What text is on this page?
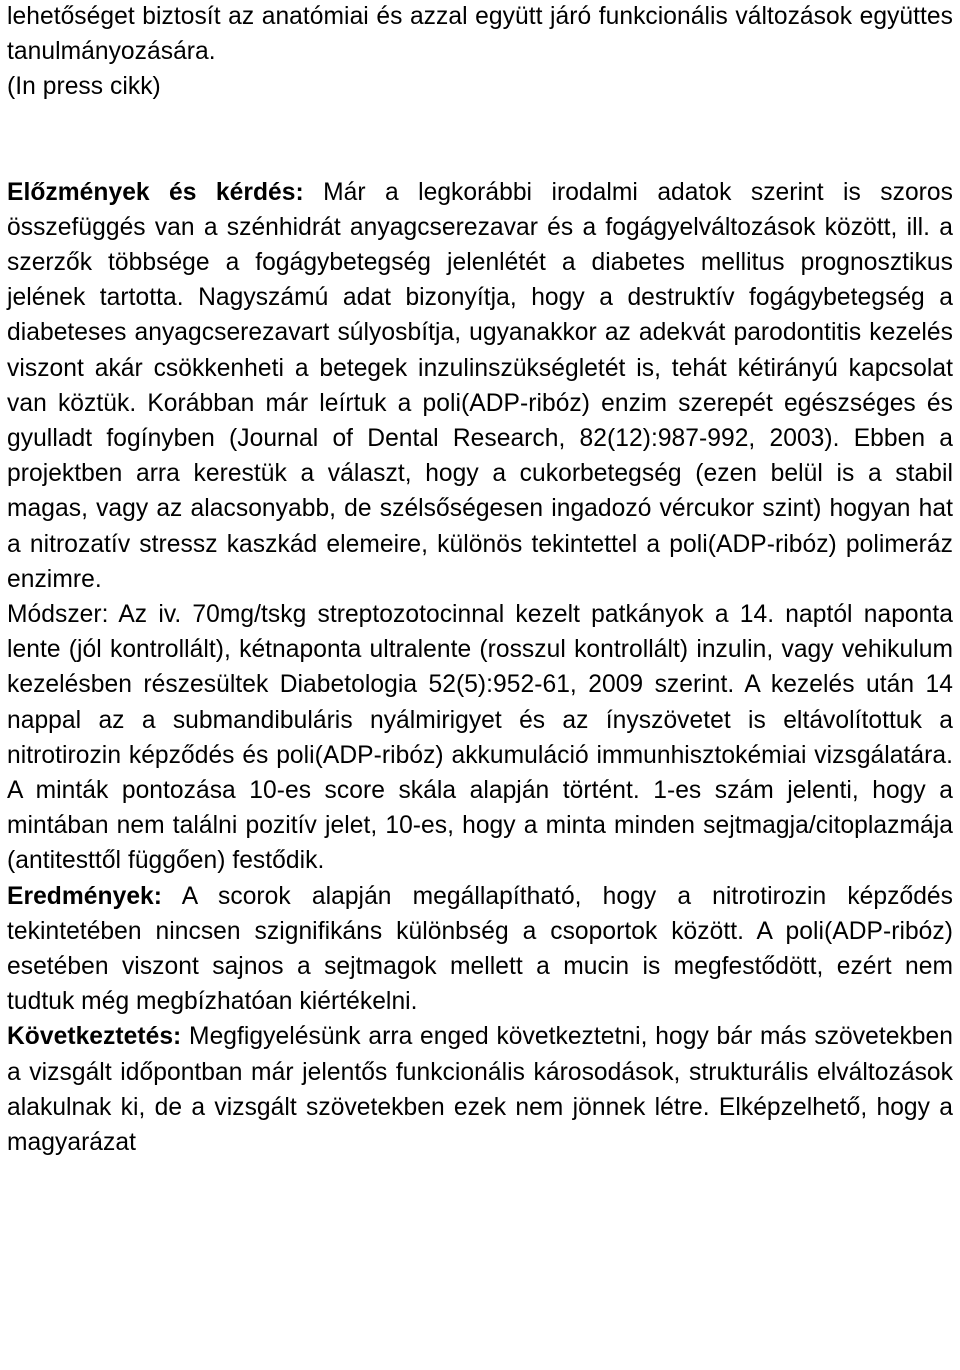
lehetőséget biztosít az anatómiai és azzal együtt járó funkcionális változások együttes tanulmányozására.
(In press cikk)

Előzmények és kérdés: Már a legkorábbi irodalmi adatok szerint is szoros összefüggés van a szénhidrát anyagcserezavar és a fogágyelváltozások között, ill. a szerzők többsége a fogágybetegség jelenlétét a diabetes mellitus prognosztikus jelének tartotta. Nagyszámú adat bizonyítja, hogy a destruktív fogágybetegség a diabeteses anyagcserezavart súlyosbítja, ugyanakkor az adekvát parodontitis kezelés viszont akár csökkenheti a betegek inzulinszükségletét is, tehát kétirányú kapcsolat van köztük. Korábban már leírtuk a poli(ADP-ribóz) enzim szerepét egészséges és gyulladt fogínyben (Journal of Dental Research, 82(12):987-992, 2003). Ebben a projektben arra kerestük a választ, hogy a cukorbetegség (ezen belül is a stabil magas, vagy az alacsonyabb, de szélsőségesen ingadozó vércukor szint) hogyan hat a nitrozatív stressz kaszkád elemeire, különös tekintettel a poli(ADP-ribóz) polimeráz enzimre.

Módszer: Az iv. 70mg/tskg streptozotocinnal kezelt patkányok a 14. naptól naponta lente (jól kontrollált), kétnaponta ultralente (rosszul kontrollált) inzulin, vagy vehikulum kezelésben részesültek Diabetologia 52(5):952-61, 2009 szerint. A kezelés után 14 nappal az a submandibuláris nyálmirigyet és az ínyszövetet is eltávolítottuk a nitrotirozin képződés és poli(ADP-ribóz) akkumuláció immunhisztokémiai vizsgálatára. A minták pontozása 10-es score skála alapján történt. 1-es szám jelenti, hogy a mintában nem találni pozitív jelet, 10-es, hogy a minta minden sejtmagja/citoplazmája (antitesttől függően) festődik.

Eredmények: A scorok alapján megállapítható, hogy a nitrotirozin képződés tekintetében nincsen szignifikáns különbség a csoportok között. A poli(ADP-ribóz) esetében viszont sajnos a sejtmagok mellett a mucin is megfestődött, ezért nem tudtuk még megbízhatóan kiértékelni.

Következtetés: Megfigyelésünk arra enged következtetni, hogy bár más szövetekben a vizsgált időpontban már jelentős funkcionális károsodások, strukturális elváltozások alakulnak ki, de a vizsgált szövetekben ezek nem jönnek létre. Elképzelhető, hogy a magyarázat
